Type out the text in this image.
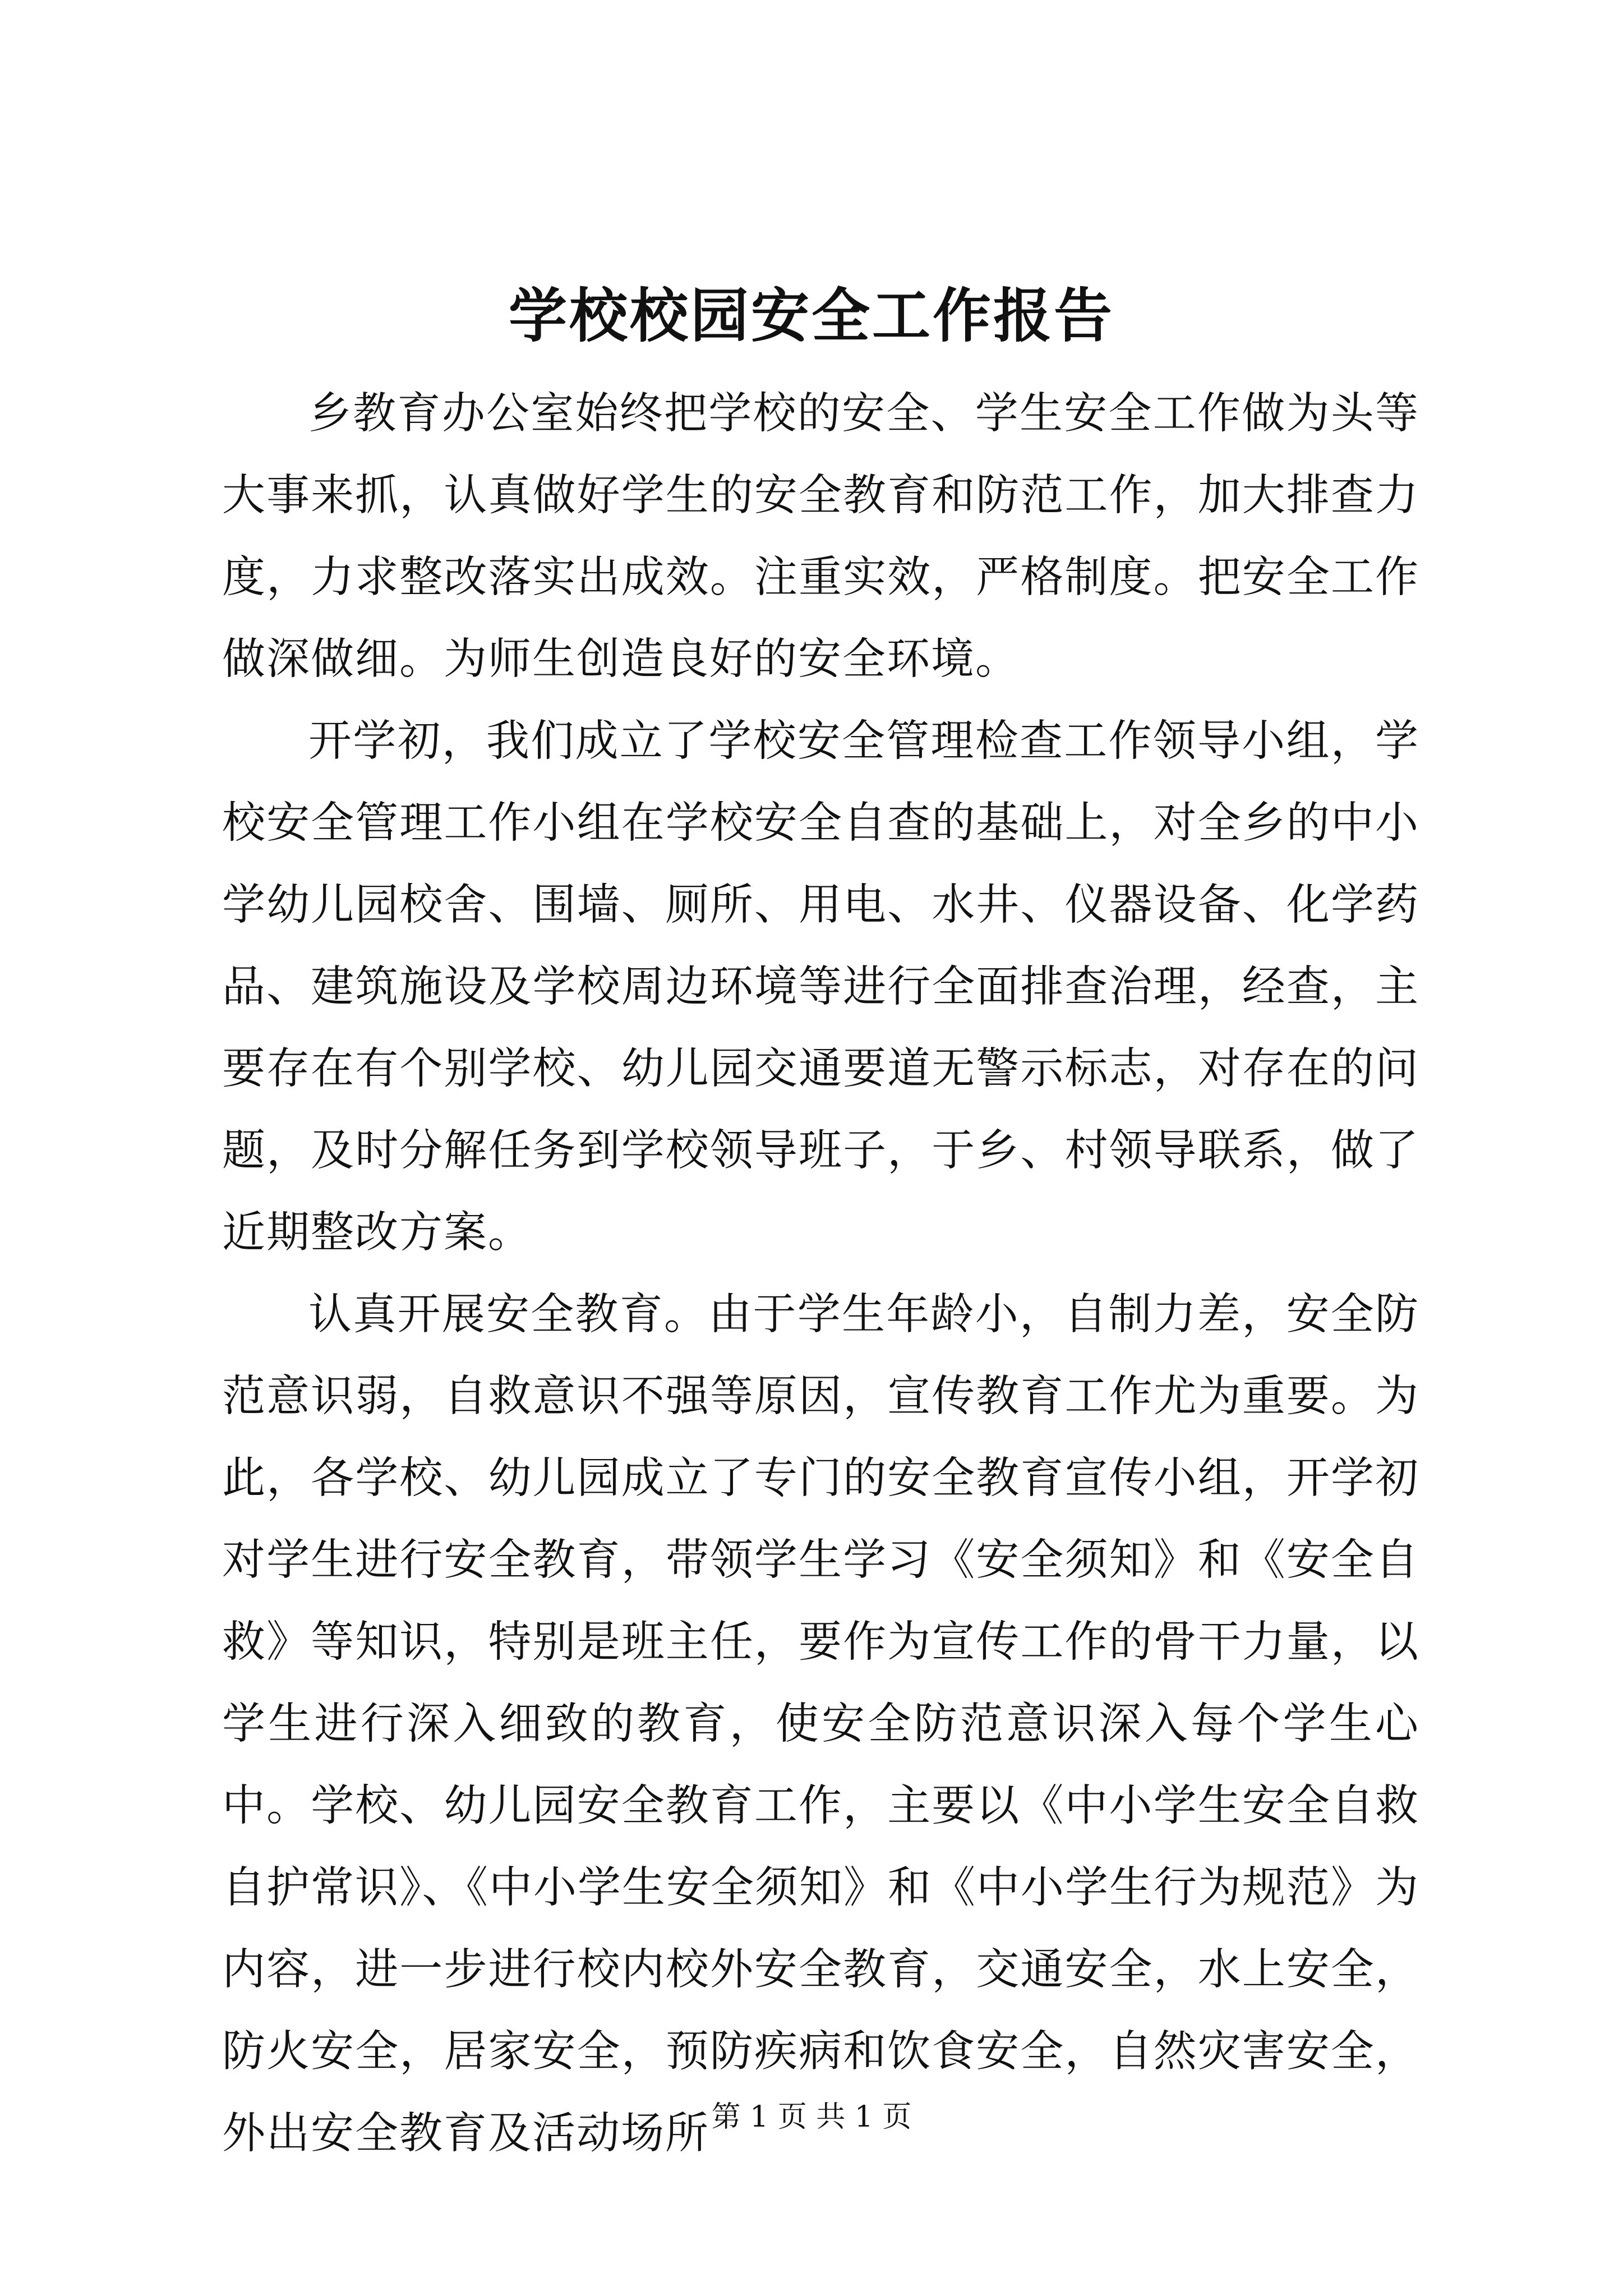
学校校园安全工作报告

乡教育办公室始终把学校的安全、学生安全工作做为头等大事来抓，认真做好学生的安全教育和防范工作，加大排查力度，力求整改落实出成效。注重实效，严格制度。把安全工作做深做细。为师生创造良好的安全环境。

开学初，我们成立了学校安全管理检查工作领导小组，学校安全管理工作小组在学校安全自查的基础上，对全乡的中小学幼儿园校舍、围墙、厕所、用电、水井、仪器设备、化学药品、建筑施设及学校周边环境等进行全面排查治理，经查，主要存在有个别学校、幼儿园交通要道无警示标志，对存在的问题，及时分解任务到学校领导班子，于乡、村领导联系，做了近期整改方案。

认真开展安全教育。由于学生年龄小，自制力差，安全防范意识弱，自救意识不强等原因，宣传教育工作尤为重要。为此，各学校、幼儿园成立了专门的安全教育宣传小组，开学初对学生进行安全教育，带领学生学习《安全须知》和《安全自救》等知识，特别是班主任，要作为宣传工作的骨干力量，以学生进行深入细致的教育，使安全防范意识深入每个学生心中。学校、幼儿园安全教育工作，主要以《中小学生安全自救自护常识》、《中小学生安全须知》和《中小学生行为规范》为内容，进一步进行校内校外安全教育，交通安全，水上安全，防火安全，居家安全，预防疾病和饮食安全，自然灾害安全，外出安全教育及活动场所 第 1 页 共 1 页
